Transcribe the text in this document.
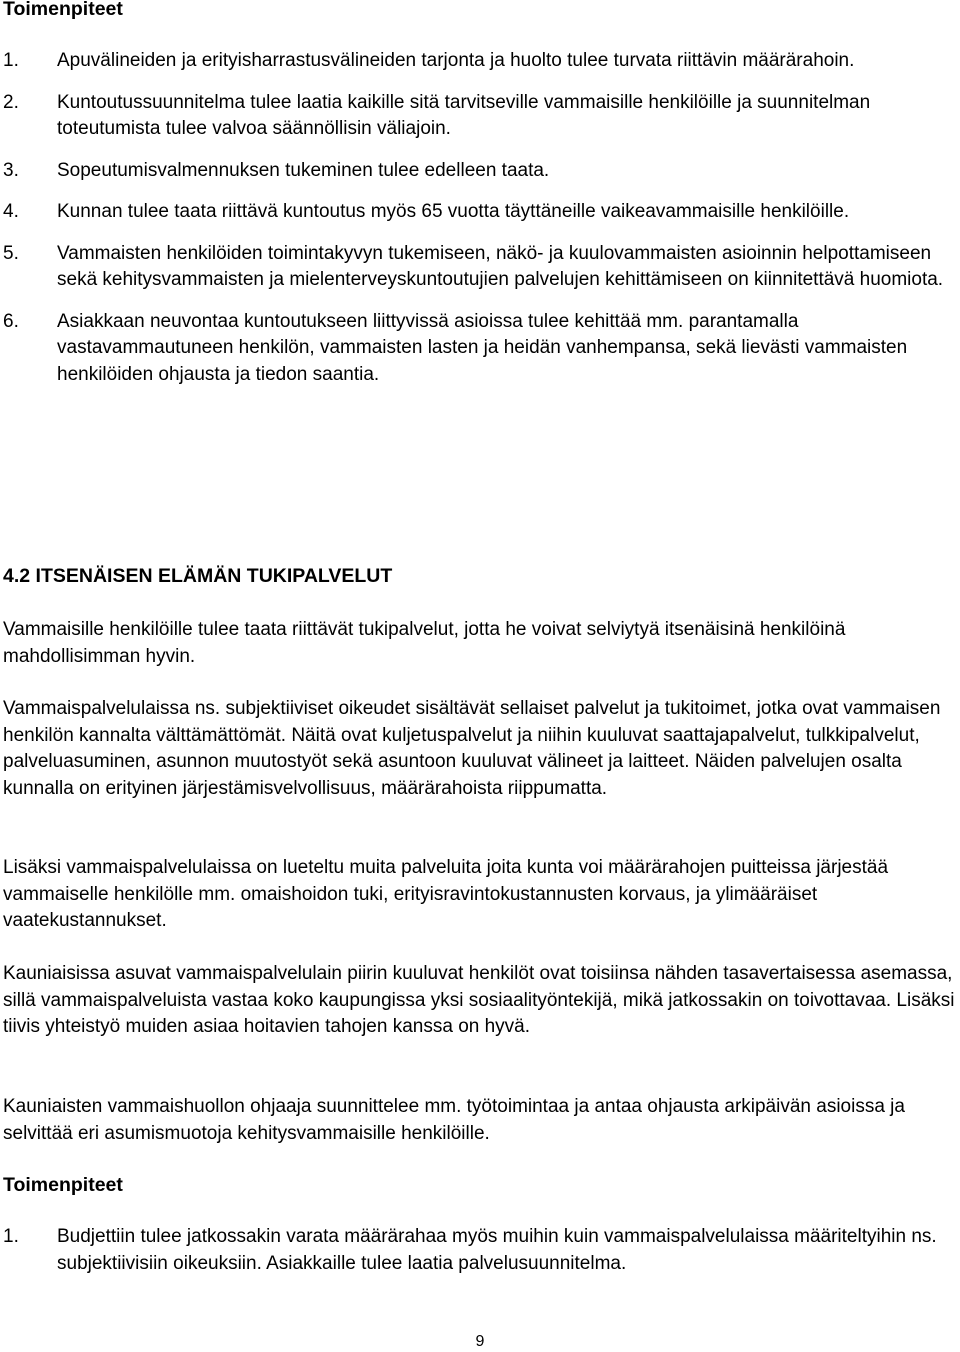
Toimenpiteet
1. Apuvälineiden ja erityisharrastusvälineiden tarjonta ja huolto tulee turvata riittävin määrärahoin.
2. Kuntoutussuunnitelma tulee laatia kaikille sitä tarvitseville vammaisille henkilöille ja suunnitelman toteutumista tulee valvoa säännöllisin väliajoin.
3. Sopeutumisvalmennuksen tukeminen tulee edelleen taata.
4. Kunnan tulee taata riittävä kuntoutus myös 65 vuotta täyttäneille vaikeavammaisille henkilöille.
5. Vammaisten henkilöiden toimintakyvyn tukemiseen, näkö- ja kuulovammaisten asioinnin helpottamiseen sekä kehitysvammaisten ja mielenterveyskuntoutujien palvelujen kehittämiseen on kiinnitettävä huomiota.
6. Asiakkaan neuvontaa kuntoutukseen liittyvissä asioissa tulee kehittää mm. parantamalla vastavammautuneen henkilön, vammaisten lasten ja heidän vanhempansa, sekä lievästi vammaisten henkilöiden ohjausta ja tiedon saantia.
4.2 ITSENÄISEN ELÄMÄN TUKIPALVELUT

Vammaisille henkilöille tulee taata riittävät tukipalvelut, jotta he voivat selviytyä itsenäisinä henkilöinä mahdollisimman hyvin.

Vammaispalvelulaissa ns. subjektiiviset oikeudet sisältävät sellaiset palvelut ja tukitoimet, jotka ovat vammaisen henkilön kannalta välttämättömät. Näitä ovat kuljetuspalvelut ja niihin kuuluvat saattajapalvelut, tulkkipalvelut, palveluasuminen, asunnon muutostyöt sekä asuntoon kuuluvat välineet ja laitteet. Näiden palvelujen osalta kunnalla on erityinen järjestämisvelvollisuus, määrärahoista riippumatta.

Lisäksi vammaispalvelulaissa on lueteltu muita palveluita joita kunta voi määrärahojen puitteissa järjestää vammaiselle henkilölle mm. omaishoidon tuki, erityisravintokustannusten korvaus, ja ylimääräiset vaatekustannukset.

Kauniaisissa asuvat vammaispalvelulain piirin kuuluvat henkilöt ovat toisiinsa nähden tasavertaisessa asemassa, sillä vammaispalveluista vastaa koko kaupungissa yksi sosiaalityöntekijä, mikä jatkossakin on toivottavaa. Lisäksi tiivis yhteistyö muiden asiaa hoitavien tahojen kanssa on hyvä.

Kauniaisten vammaishuollon ohjaaja suunnittelee mm. työtoimintaa ja antaa ohjausta arkipäivän asioissa ja selvittää eri asumismuotoja kehitysvammaisille henkilöille.

Toimenpiteet
1. Budjettiin tulee jatkossakin varata määrärahaa myös muihin kuin vammaispalvelulaissa määriteltyihin ns. subjektiivisiin oikeuksiin. Asiakkaille tulee laatia palvelusuunnitelma.
9
